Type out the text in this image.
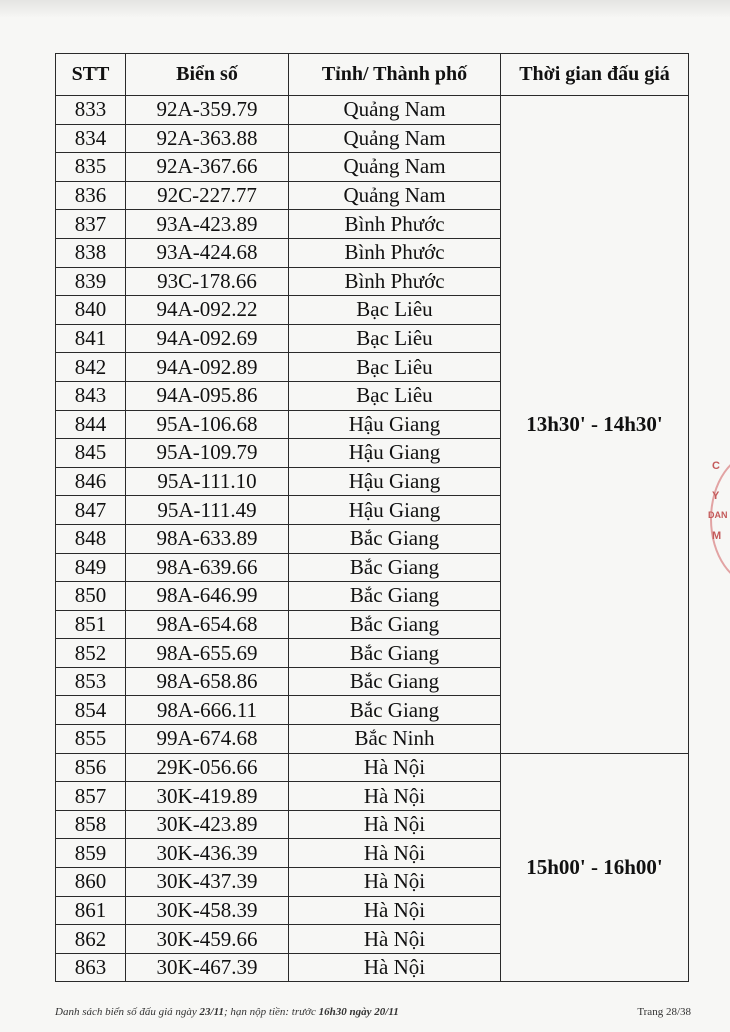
STT	Biển số	Tỉnh/ Thành phố	Thời gian đấu giá
833	92A-359.79	Quảng Nam	13h30' - 14h30'
834	92A-363.88	Quảng Nam	
835	92A-367.66	Quảng Nam	
836	92C-227.77	Quảng Nam	
837	93A-423.89	Bình Phước	
838	93A-424.68	Bình Phước	
839	93C-178.66	Bình Phước	
840	94A-092.22	Bạc Liêu	
841	94A-092.69	Bạc Liêu	
842	94A-092.89	Bạc Liêu	
843	94A-095.86	Bạc Liêu	
844	95A-106.68	Hậu Giang	
845	95A-109.79	Hậu Giang	
846	95A-111.10	Hậu Giang	
847	95A-111.49	Hậu Giang	
848	98A-633.89	Bắc Giang	
849	98A-639.66	Bắc Giang	
850	98A-646.99	Bắc Giang	
851	98A-654.68	Bắc Giang	
852	98A-655.69	Bắc Giang	
853	98A-658.86	Bắc Giang	
854	98A-666.11	Bắc Giang	
855	99A-674.68	Bắc Ninh	
856	29K-056.66	Hà Nội	15h00' - 16h00'
857	30K-419.89	Hà Nội	
858	30K-423.89	Hà Nội	
859	30K-436.39	Hà Nội	
860	30K-437.39	Hà Nội	
861	30K-458.39	Hà Nội	
862	30K-459.66	Hà Nội	
863	30K-467.39	Hà Nội	
Danh sách biển số đấu giá ngày 23/11; hạn nộp tiền: trước 16h30 ngày 20/11	Trang 28/38
C
Y
DAN
M
